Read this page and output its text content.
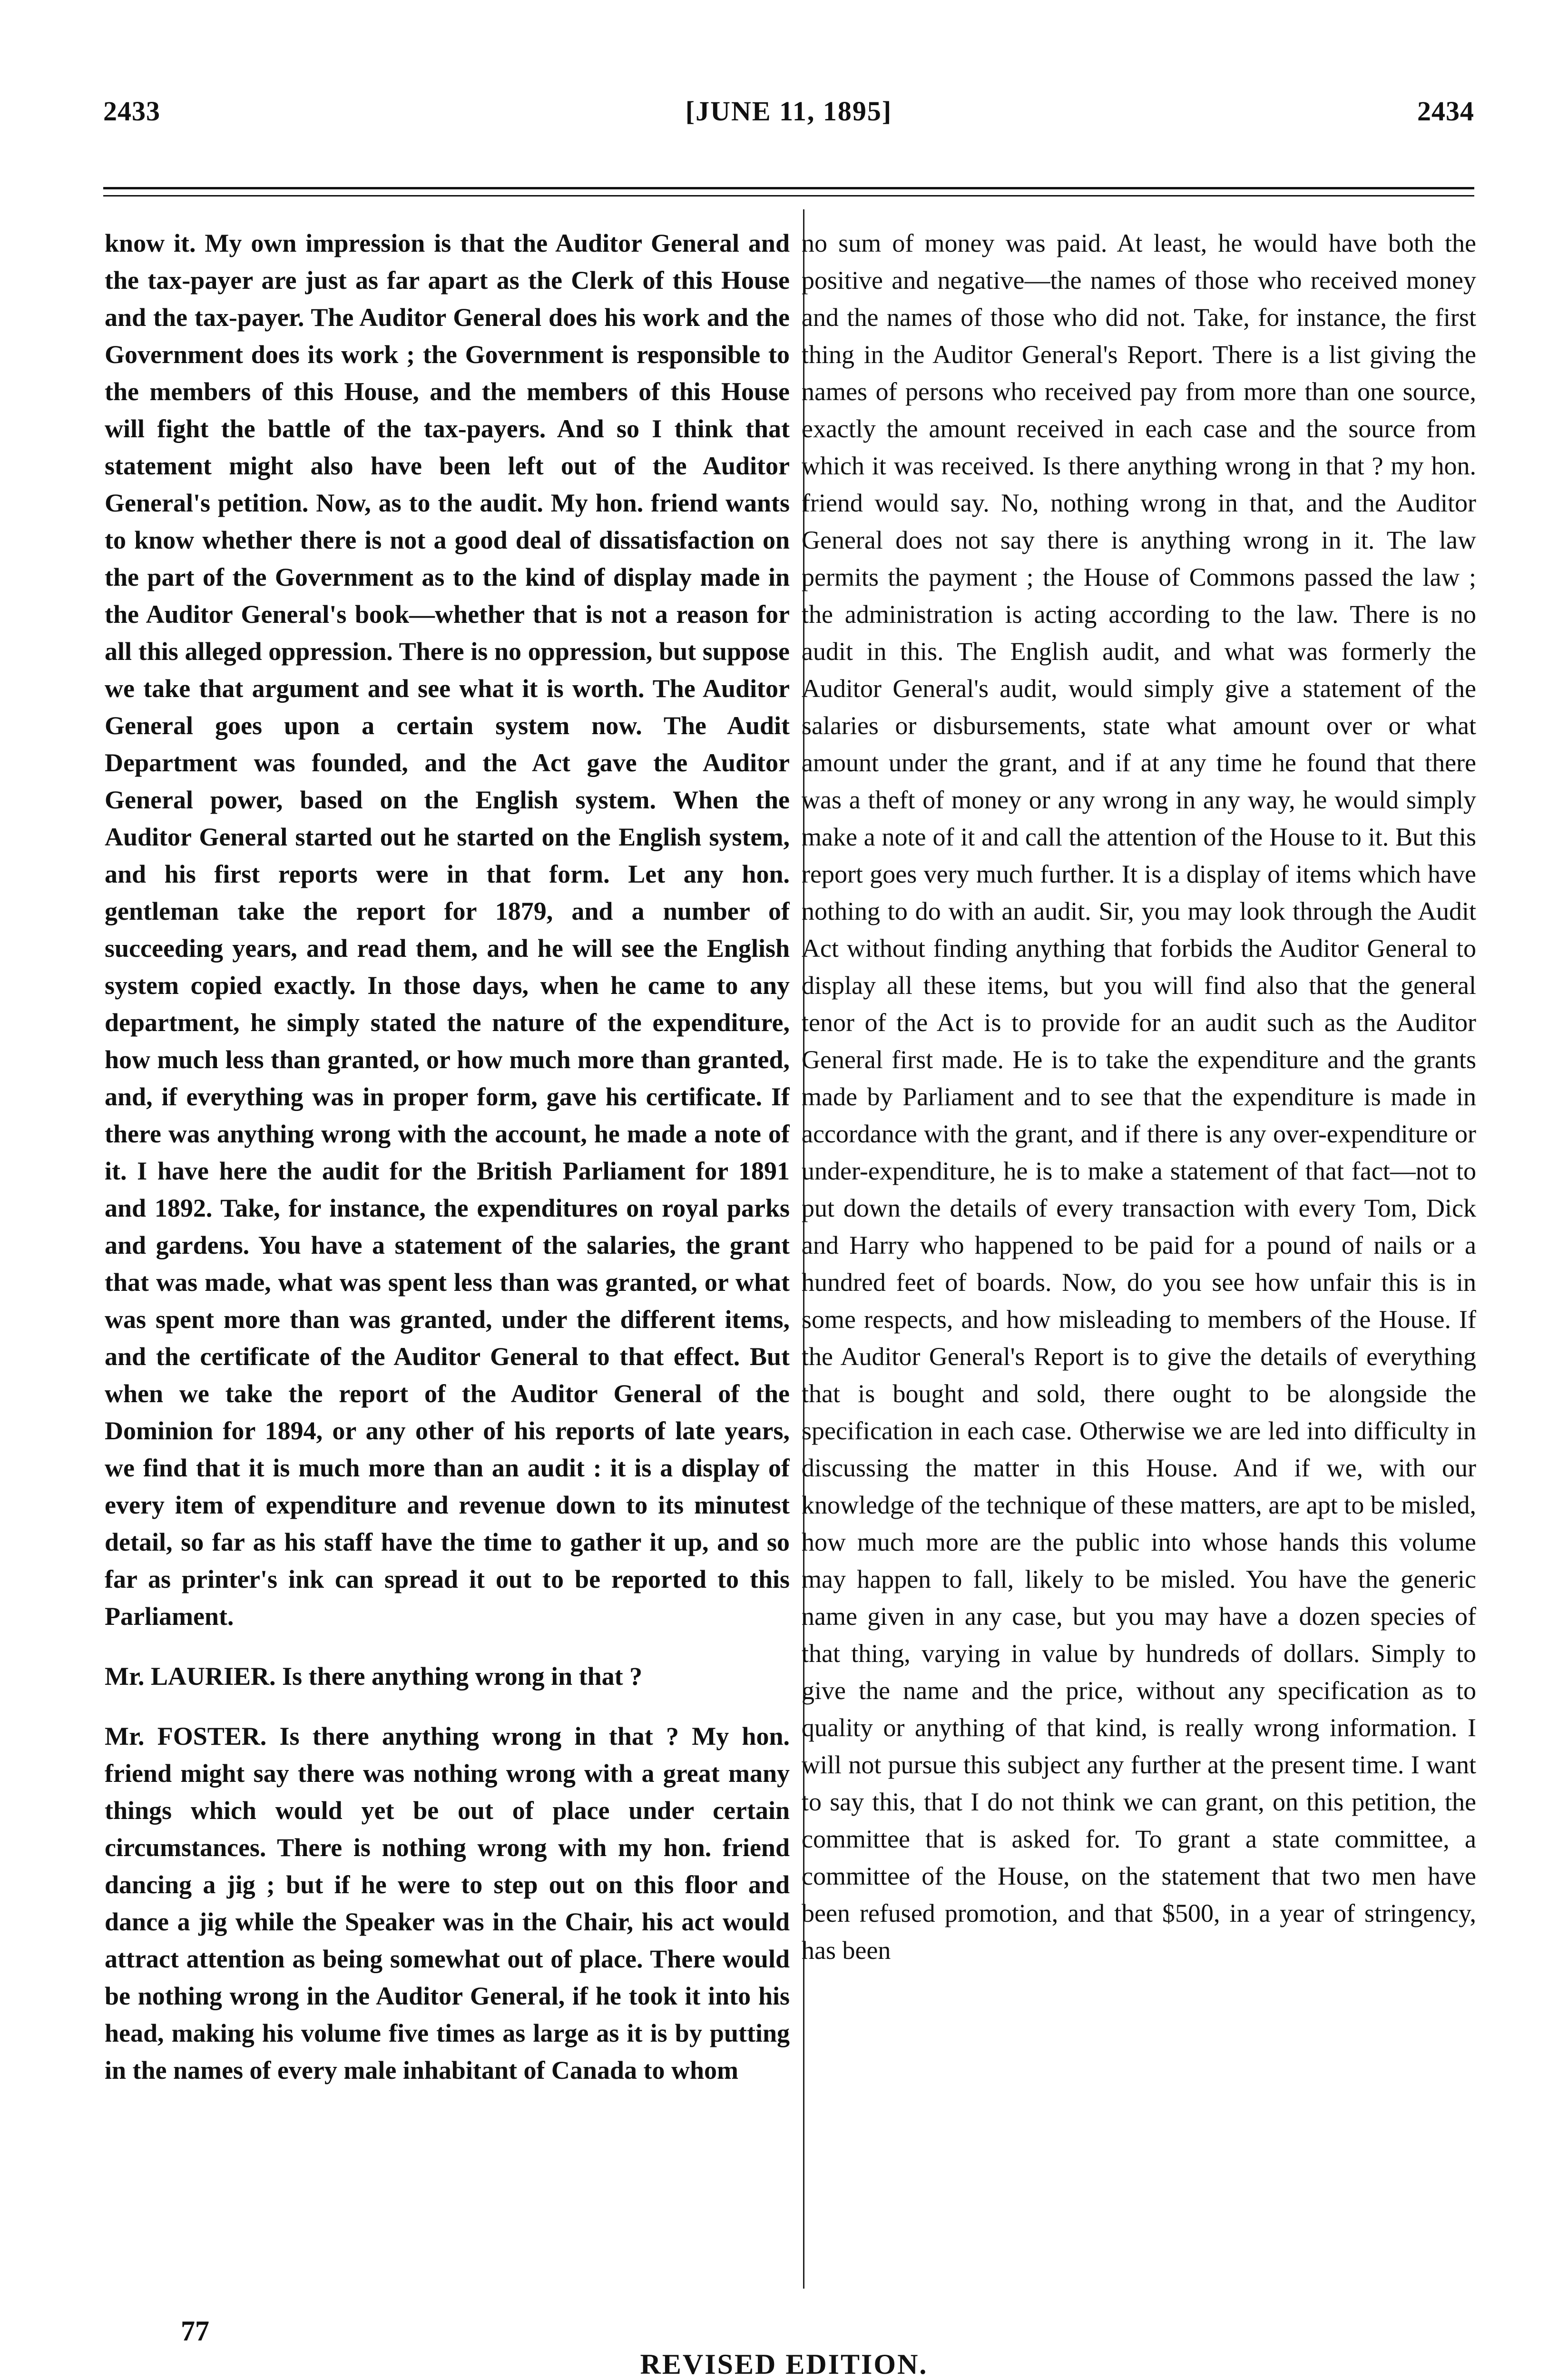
2433	[JUNE 11, 1895]	2434

know it. My own impression is that the Auditor General and the tax-payer are just as far apart as the Clerk of this House and the tax-payer. The Auditor General does his work and the Government does its work ; the Government is responsible to the members of this House, and the members of this House will fight the battle of the tax-payers. And so I think that statement might also have been left out of the Auditor General's petition. Now, as to the audit. My hon. friend wants to know whether there is not a good deal of dissatisfaction on the part of the Government as to the kind of display made in the Auditor General's book—whether that is not a reason for all this alleged oppression. There is no oppression, but suppose we take that argument and see what it is worth. The Auditor General goes upon a certain system now. The Audit Department was founded, and the Act gave the Auditor General power, based on the English system. When the Auditor General started out he started on the English system, and his first reports were in that form. Let any hon. gentleman take the report for 1879, and a number of succeeding years, and read them, and he will see the English system copied exactly. In those days, when he came to any department, he simply stated the nature of the expenditure, how much less than granted, or how much more than granted, and, if everything was in proper form, gave his certificate. If there was anything wrong with the account, he made a note of it. I have here the audit for the British Parliament for 1891 and 1892. Take, for instance, the expenditures on royal parks and gardens. You have a statement of the salaries, the grant that was made, what was spent less than was granted, or what was spent more than was granted, under the different items, and the certificate of the Auditor General to that effect. But when we take the report of the Auditor General of the Dominion for 1894, or any other of his reports of late years, we find that it is much more than an audit : it is a display of every item of expenditure and revenue down to its minutest detail, so far as his staff have the time to gather it up, and so far as printer's ink can spread it out to be reported to this Parliament.

Mr. LAURIER. Is there anything wrong in that ?

Mr. FOSTER. Is there anything wrong in that ? My hon. friend might say there was nothing wrong with a great many things which would yet be out of place under certain circumstances. There is nothing wrong with my hon. friend dancing a jig ; but if he were to step out on this floor and dance a jig while the Speaker was in the Chair, his act would attract attention as being somewhat out of place. There would be nothing wrong in the Auditor General, if he took it into his head, making his volume five times as large as it is by putting in the names of every male inhabitant of Canada to whom

no sum of money was paid. At least, he would have both the positive and negative—the names of those who received money and the names of those who did not. Take, for instance, the first thing in the Auditor General's Report. There is a list giving the names of persons who received pay from more than one source, exactly the amount received in each case and the source from which it was received. Is there anything wrong in that ? my hon. friend would say. No, nothing wrong in that, and the Auditor General does not say there is anything wrong in it. The law permits the payment ; the House of Commons passed the law ; the administration is acting according to the law. There is no audit in this. The English audit, and what was formerly the Auditor General's audit, would simply give a statement of the salaries or disbursements, state what amount over or what amount under the grant, and if at any time he found that there was a theft of money or any wrong in any way, he would simply make a note of it and call the attention of the House to it. But this report goes very much further. It is a display of items which have nothing to do with an audit. Sir, you may look through the Audit Act without finding anything that forbids the Auditor General to display all these items, but you will find also that the general tenor of the Act is to provide for an audit such as the Auditor General first made. He is to take the expenditure and the grants made by Parliament and to see that the expenditure is made in accordance with the grant, and if there is any over-expenditure or under-expenditure, he is to make a statement of that fact—not to put down the details of every transaction with every Tom, Dick and Harry who happened to be paid for a pound of nails or a hundred feet of boards. Now, do you see how unfair this is in some respects, and how misleading to members of the House. If the Auditor General's Report is to give the details of everything that is bought and sold, there ought to be alongside the specification in each case. Otherwise we are led into difficulty in discussing the matter in this House. And if we, with our knowledge of the technique of these matters, are apt to be misled, how much more are the public into whose hands this volume may happen to fall, likely to be misled. You have the generic name given in any case, but you may have a dozen species of that thing, varying in value by hundreds of dollars. Simply to give the name and the price, without any specification as to quality or anything of that kind, is really wrong information. I will not pursue this subject any further at the present time. I want to say this, that I do not think we can grant, on this petition, the committee that is asked for. To grant a state committee, a committee of the House, on the statement that two men have been refused promotion, and that $500, in a year of stringency, has been

77
REVISED EDITION.
